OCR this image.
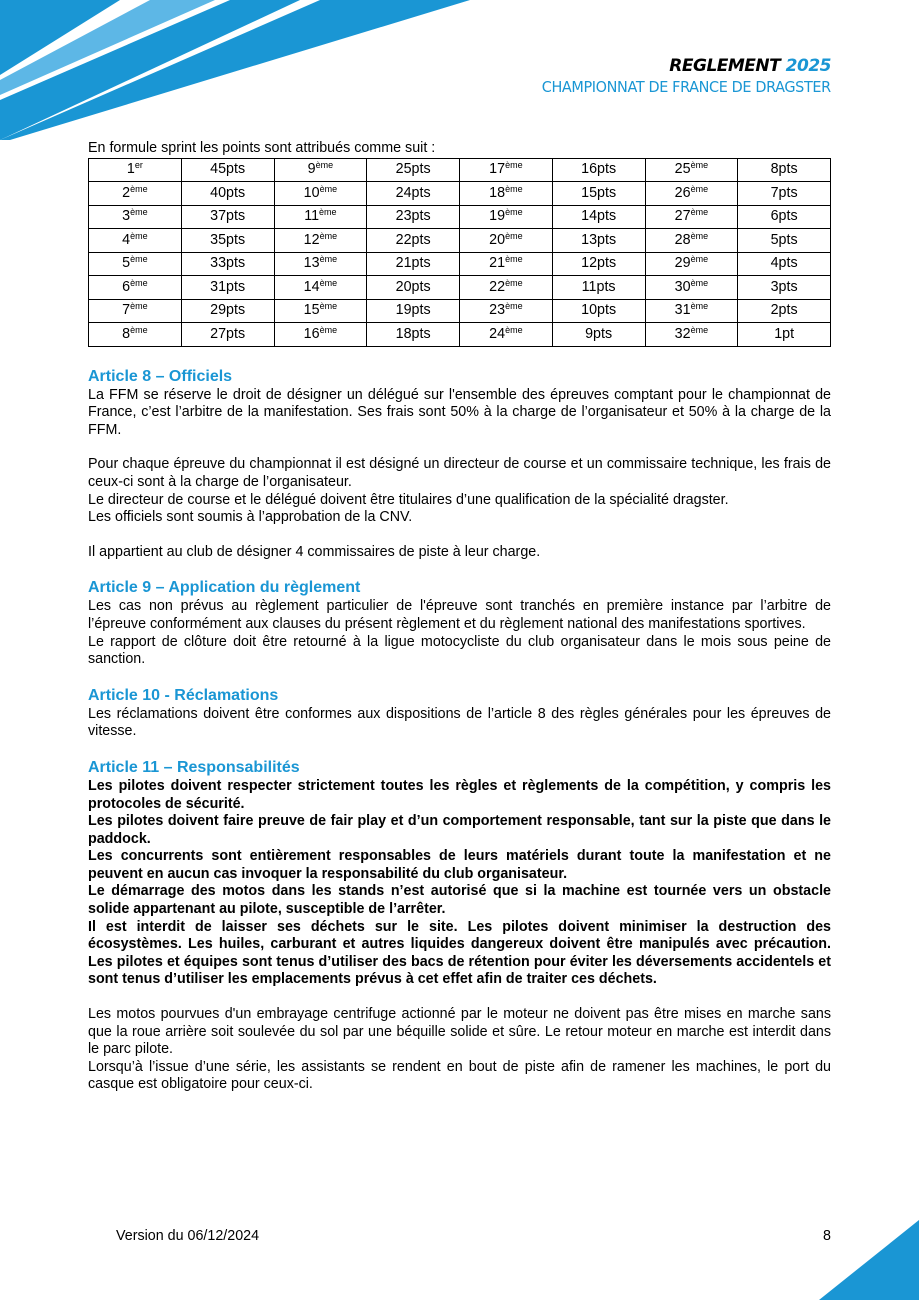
REGLEMENT 2025
CHAMPIONNAT DE FRANCE DE DRAGSTER

En formule sprint les points sont attribués comme suit :

1er	45pts	9ème	25pts	17ème	16pts	25ème	8pts
2ème	40pts	10ème	24pts	18ème	15pts	26ème	7pts
3ème	37pts	11ème	23pts	19ème	14pts	27ème	6pts
4ème	35pts	12ème	22pts	20ème	13pts	28ème	5pts
5ème	33pts	13ème	21pts	21ème	12pts	29ème	4pts
6ème	31pts	14ème	20pts	22ème	11pts	30ème	3pts
7ème	29pts	15ème	19pts	23ème	10pts	31ème	2pts
8ème	27pts	16ème	18pts	24ème	9pts	32ème	1pt
Article 8 – Officiels

La FFM se réserve le droit de désigner un délégué sur l'ensemble des épreuves comptant pour le championnat de France, c’est l’arbitre de la manifestation. Ses frais sont 50% à la charge de l’organisateur et 50% à la charge de la FFM.

Pour chaque épreuve du championnat il est désigné un directeur de course et un commissaire technique, les frais de ceux-ci sont à la charge de l’organisateur.

Le directeur de course et le délégué doivent être titulaires d’une qualification de la spécialité dragster.

Les officiels sont soumis à l’approbation de la CNV.

Il appartient au club de désigner 4 commissaires de piste à leur charge.

Article 9 – Application du règlement

Les cas non prévus au règlement particulier de l'épreuve sont tranchés en première instance par l’arbitre de l’épreuve conformément aux clauses du présent règlement et du règlement national des manifestations sportives.

Le rapport de clôture doit être retourné à la ligue motocycliste du club organisateur dans le mois sous peine de sanction.

Article 10 - Réclamations

Les réclamations doivent être conformes aux dispositions de l’article 8 des règles générales pour les épreuves de vitesse.

Article 11 – Responsabilités

Les pilotes doivent respecter strictement toutes les règles et règlements de la compétition, y compris les protocoles de sécurité.

Les pilotes doivent faire preuve de fair play et d’un comportement responsable, tant sur la piste que dans le paddock.

Les concurrents sont entièrement responsables de leurs matériels durant toute la manifestation et ne peuvent en aucun cas invoquer la responsabilité du club organisateur.

Le démarrage des motos dans les stands n’est autorisé que si la machine est tournée vers un obstacle solide appartenant au pilote, susceptible de l’arrêter.

Il est interdit de laisser ses déchets sur le site. Les pilotes doivent minimiser la destruction des écosystèmes. Les huiles, carburant et autres liquides dangereux doivent être manipulés avec précaution. Les pilotes et équipes sont tenus d’utiliser des bacs de rétention pour éviter les déversements accidentels et sont tenus d’utiliser les emplacements prévus à cet effet afin de traiter ces déchets.

Les motos pourvues d'un embrayage centrifuge actionné par le moteur ne doivent pas être mises en marche sans que la roue arrière soit soulevée du sol par une béquille solide et sûre. Le retour moteur en marche est interdit dans le parc pilote.

Lorsqu’à l’issue d’une série, les assistants se rendent en bout de piste afin de ramener les machines, le port du casque est obligatoire pour ceux-ci.

Version du 06/12/2024	8
